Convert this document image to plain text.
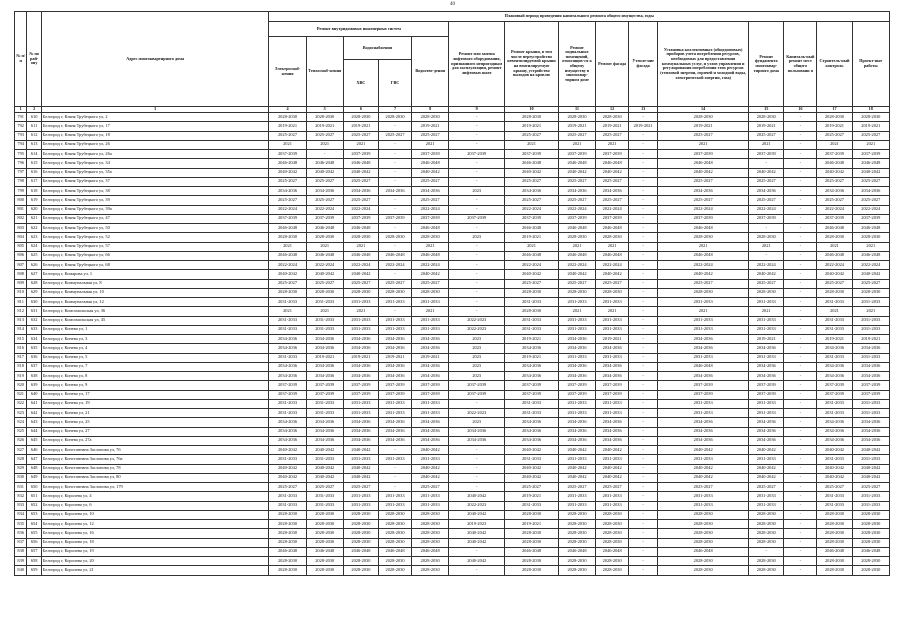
40
№ п/п	№ по рай-ону	Адрес многоквартирного дома	Плановый период проведения капитального ремонта общего имущества, годы														
			Ремонт внутридомовых инженерных систем					Ремонт или замена лифтового оборудования, признанного непригодным для эксплуатации, ремонт лифтовых шахт	Ремонт крыши, в том числе переустройство невентилируемой крыши на вентилируемую крышу, устройство выходов на кровлю	Ремонт подвальных помещений, относящих-ся к общему имуществу в многоквар-тирном доме	Ремонт фасада	Утепле-ние фасада	Установка коллективных (общедомовых) приборов учета потребления ресурсов, необходимых для предоставления коммунальных услуг, и узлов управления и регулирования потребления этих ресурсов (тепловой энергии, горячей и холодной воды, электрической энергии, газа)	Ремонт фундамента многоквар-тирного дома	Капиталь-ный ремонт мест общего пользовани я	Строитель-ный контроль	Проект-ные работы
			Электроснаб-жения	Теплоснаб-жения	Водоснабжения		Водоотве-дения										
					ХВС	ГВС											
1	2	3	4	5	6	7	8	9	10	11	12	13	14	15	16	17	18
791	610	Белгород г, Князя Трубецкого ул, 2	2028-2030	2028-2030	2028-2030	2028-2030	2028-2030	-	2028-2030	2028-2030	2028-2030	-	2028-2030	2028-2030	-	2028-2030	2028-2030
792	611	Белгород г, Князя Трубецкого ул, 17	2019-2021	2019-2021	2019-2021	-	2019-2021	-	2019-2021	2019-2021	2019-2021	2019-2021	2019-2021	2019-2021	-	2019-2021	2019-2021
793	612	Белгород г, Князя Трубецкого ул, 18	2025-2027	2025-2027	2025-2027	2025-2027	2025-2027	-	2025-2027	2025-2027	2025-2027	-	2025-2027	2025-2027	-	2025-2027	2025-2027
794	613	Белгород г, Князя Трубецкого ул, 26	2021	2021	2021	-	2021	-	2021	2021	2021	-	2021	2021	-	2021	2021
795	614	Белгород г, Князя Трубецкого ул, 26а	2037-2039	-	2037-2039	-	2037-2039	2037-2039	2037-2039	2037-2039	2037-2039	-	2037-2039	2037-2039	-	2037-2039	2037-2039
796	615	Белгород г, Князя Трубецкого ул, 34	2046-2048	2046-2048	2046-2048	-	2046-2048	-	2046-2048	2046-2048	2046-2048	-	2046-2048	-	-	2046-2048	2046-2048
797	616	Белгород г, Князя Трубецкого ул, 35а	2040-2042	2040-2042	2040-2042	-	2040-2042	-	2040-2042	2040-2042	2040-2042	-	2040-2042	2040-2042	-	2040-2042	2040-2042
798	617	Белгород г, Князя Трубецкого ул, 37	2025-2027	2025-2027	2025-2027	-	2025-2027	-	2025-2027	2025-2027	2025-2027	-	2025-2027	2025-2027	-	2025-2027	2025-2027
799	618	Белгород г, Князя Трубецкого ул, 38	2034-2036	2034-2036	2034-2036	2034-2036	2034-2036	2023	2034-2036	2034-2036	2034-2036	-	2034-2036	2034-2036	-	2034-2036	2034-2036
800	619	Белгород г, Князя Трубецкого ул, 39	2025-2027	2025-2027	2025-2027	-	2025-2027	-	2025-2027	2025-2027	2025-2027	-	2025-2027	2025-2027	-	2025-2027	2025-2027
801	620	Белгород г, Князя Трубецкого ул, 39а	2022-2024	2022-2024	2022-2024	-	2022-2024	-	2022-2024	2022-2024	2022-2024	-	2022-2024	2022-2024	-	2022-2024	2022-2024
802	621	Белгород г, Князя Трубецкого ул, 47	2037-2039	2037-2039	2037-2039	2037-2039	2037-2039	2037-2039	2037-2039	2037-2039	2037-2039	-	2037-2039	2037-2039	-	2037-2039	2037-2039
803	622	Белгород г, Князя Трубецкого ул, 50	2046-2048	2046-2048	2046-2048	-	2046-2048	-	2046-2048	2046-2048	2046-2048	-	2046-2048	-	-	2046-2048	2046-2048
804	623	Белгород г, Князя Трубецкого ул, 52	2028-2030	2028-2030	2028-2030	2028-2030	2028-2030	2023	2019-2021	2028-2030	2028-2030	-	2028-2030	2028-2030	-	2028-2030	2028-2030
805	624	Белгород г, Князя Трубецкого ул, 57	2021	2021	2021	-	2021	-	2021	2021	2021	-	2021	2021	-	2021	2021
806	625	Белгород г, Князя Трубецкого ул, 66	2046-2048	2046-2048	2046-2048	2046-2048	2046-2048	-	2046-2048	2046-2048	2046-2048	-	2046-2048	-	-	2046-2048	2046-2048
807	626	Белгород г, Князя Трубецкого ул, 68	2022-2024	2022-2024	2022-2024	2022-2024	2022-2024	-	2022-2024	2022-2024	2022-2024	-	2022-2024	2022-2024	-	2022-2024	2022-2024
808	627	Белгород г, Комарова ул, 1	2040-2042	2040-2042	2040-2042	-	2040-2042	-	2040-2042	2040-2042	2040-2042	-	2040-2042	2040-2042	-	2040-2042	2040-2042
809	628	Белгород г, Коммунальная ул, 8	2025-2027	2025-2027	2025-2027	2025-2027	2025-2027	-	2025-2027	2025-2027	2025-2027	-	2025-2027	2025-2027	-	2025-2027	2025-2027
810	629	Белгород г, Коммунальная ул, 10	2028-2030	2028-2030	2028-2030	2028-2030	2028-2030	-	2028-2030	2028-2030	2028-2030	-	2028-2030	2028-2030	-	2028-2030	2028-2030
811	630	Белгород г, Коммунальная ул, 12	2031-2033	2031-2033	2031-2033	2031-2033	2031-2033	-	2031-2033	2031-2033	2031-2033	-	2031-2033	2031-2033	-	2031-2033	2031-2033
812	631	Белгород г, Комсомольская ул, 36	2021	2021	2021	-	2021	-	2028-2030	2021	2021	-	2021	2021	-	2021	2021
813	632	Белгород г, Комсомольская ул, 45	2031-2033	2031-2033	2031-2033	2031-2033	2031-2033	2022-2023	2031-2033	2031-2033	2031-2033	-	2031-2033	2031-2033	-	2031-2033	2031-2033
814	633	Белгород г, Конева ул, 1	2031-2033	2031-2033	2031-2033	2031-2033	2031-2033	2022-2023	2031-2033	2031-2033	2031-2033	-	2031-2033	2031-2033	-	2031-2033	2031-2033
815	634	Белгород г, Конева ул, 3	2034-2036	2034-2036	2034-2036	2034-2036	2034-2036	2023	2019-2021	2034-2036	2019-2021	-	2034-2036	2019-2021	-	2019-2021	2019-2021
816	635	Белгород г, Конева ул, 4	2034-2036	2034-2036	2034-2036	2034-2036	2034-2036	2023	2034-2036	2034-2036	2034-2036	-	2034-2036	2034-2036	-	2034-2036	2034-2036
817	636	Белгород г, Конева ул, 5	2031-2033	2019-2021	2019-2021	2019-2021	2019-2021	2023	2019-2021	2031-2033	2031-2033	-	2031-2033	2031-2033	-	2031-2033	2031-2033
818	637	Белгород г, Конева ул, 7	2034-2036	2034-2036	2034-2036	2034-2036	2034-2036	2023	2034-2036	2034-2036	2034-2036	-	2046-2048	2034-2036	-	2034-2036	2034-2036
819	638	Белгород г, Конева ул, 8	2034-2036	2034-2036	2034-2036	2034-2036	2034-2036	2023	2034-2036	2034-2036	2034-2036	-	2034-2036	2034-2036	-	2034-2036	2034-2036
820	639	Белгород г, Конева ул, 9	2037-2039	2037-2039	2037-2039	2037-2039	2037-2039	2037-2039	2037-2039	2037-2039	2037-2039	-	2037-2039	2037-2039	-	2037-2039	2037-2039
821	640	Белгород г, Конева ул, 17	2037-2039	2037-2039	2037-2039	2037-2039	2037-2039	2037-2039	2037-2039	2037-2039	2037-2039	-	2037-2039	2037-2039	-	2037-2039	2037-2039
822	641	Белгород г, Конева ул, 19	2031-2033	2031-2033	2031-2033	2031-2033	2031-2033	-	2031-2033	2031-2033	2031-2033	-	2031-2033	2031-2033	-	2031-2033	2031-2033
823	642	Белгород г, Конева ул, 21	2031-2033	2031-2033	2031-2033	2031-2033	2031-2033	2022-2023	2031-2033	2031-2033	2031-2033	-	2031-2033	2031-2033	-	2031-2033	2031-2033
824	643	Белгород г, Конева ул, 25	2034-2036	2034-2036	2034-2036	2034-2036	2034-2036	2023	2034-2036	2034-2036	2034-2036	-	2034-2036	2034-2036	-	2034-2036	2034-2036
825	644	Белгород г, Конева ул, 27	2034-2036	2034-2036	2034-2036	2034-2036	2034-2036	2034-2036	2034-2036	2034-2036	2034-2036	-	2034-2036	2034-2036	-	2034-2036	2034-2036
826	645	Белгород г, Конева ул, 27а	2034-2036	2034-2036	2034-2036	2034-2036	2034-2036	2034-2036	2034-2036	2034-2036	2034-2036	-	2034-2036	2034-2036	-	2034-2036	2034-2036
827	646	Белгород г, Константина Заслонова ул, 76	2040-2042	2040-2042	2040-2042	-	2040-2042	-	2040-2042	2040-2042	2040-2042	-	2040-2042	2040-2042	-	2040-2042	2040-2042
828	647	Белгород г, Константина Заслонова ул, 76а	2031-2033	2031-2033	2031-2033	2031-2033	2031-2033	-	2031-2033	2031-2033	2031-2033	-	2031-2033	2031-2033	-	2031-2033	2031-2033
829	648	Белгород г, Константина Заслонова ул, 78	2040-2042	2040-2042	2040-2042	-	2040-2042	-	2040-2042	2040-2042	2040-2042	-	2040-2042	2040-2042	-	2040-2042	2040-2042
830	649	Белгород г, Константина Заслонова ул, 80	2040-2042	2040-2042	2040-2042	-	2040-2042	-	2040-2042	2040-2042	2040-2042	-	2040-2042	2040-2042	-	2040-2042	2040-2042
831	650	Белгород г, Константина Заслонова ул, 179	2025-2027	2025-2027	2025-2027	-	2025-2027	-	2025-2027	2025-2027	2025-2027	-	2025-2027	2025-2027	-	2025-2027	2025-2027
832	651	Белгород г, Королева ул, 4	2031-2033	2031-2033	2031-2033	2031-2033	2031-2033	2040-2042	2019-2021	2031-2033	2031-2033	-	2031-2033	2031-2033	-	2031-2033	2031-2033
833	652	Белгород г, Королева ул, 6	2031-2033	2031-2033	2031-2033	2031-2033	2031-2033	2022-2023	2031-2033	2031-2033	2031-2033	-	2031-2033	2031-2033	-	2031-2033	2031-2033
834	653	Белгород г, Королева ул, 10	2028-2030	2028-2030	2028-2030	2028-2030	2028-2030	2040-2042	2028-2030	2028-2030	2028-2030	-	2028-2030	2028-2030	-	2028-2030	2028-2030
835	654	Белгород г, Королева ул, 12	2028-2030	2028-2030	2028-2030	2028-2030	2028-2030	2019-2023	2019-2021	2028-2030	2028-2030	-	2028-2030	2028-2030	-	2028-2030	2028-2030
836	655	Белгород г, Королева ул, 16	2028-2030	2028-2030	2028-2030	2028-2030	2028-2030	2040-2042	2028-2030	2028-2030	2028-2030	-	2028-2030	2028-2030	-	2028-2030	2028-2030
837	656	Белгород г, Королева ул, 18	2028-2030	2028-2030	2028-2030	2028-2030	2028-2030	2040-2042	2028-2030	2028-2030	2028-2030	-	2028-2030	2028-2030	-	2028-2030	2028-2030
838	657	Белгород г, Королева ул, 19	2046-2048	2046-2048	2046-2048	2046-2048	2046-2048	-	2046-2048	2046-2048	2046-2048	-	2046-2048	-	-	2046-2048	2046-2048
839	658	Белгород г, Королева ул, 20	2028-2030	2028-2030	2028-2030	2028-2030	2028-2030	2040-2042	2028-2030	2028-2030	2028-2030	-	2028-2030	2028-2030	-	2028-2030	2028-2030
840	659	Белгород г, Королева ул, 21	2028-2030	2028-2030	2028-2030	2028-2030	2028-2030	-	2028-2030	2028-2030	2028-2030	-	2028-2030	2028-2030	-	2028-2030	2028-2030
